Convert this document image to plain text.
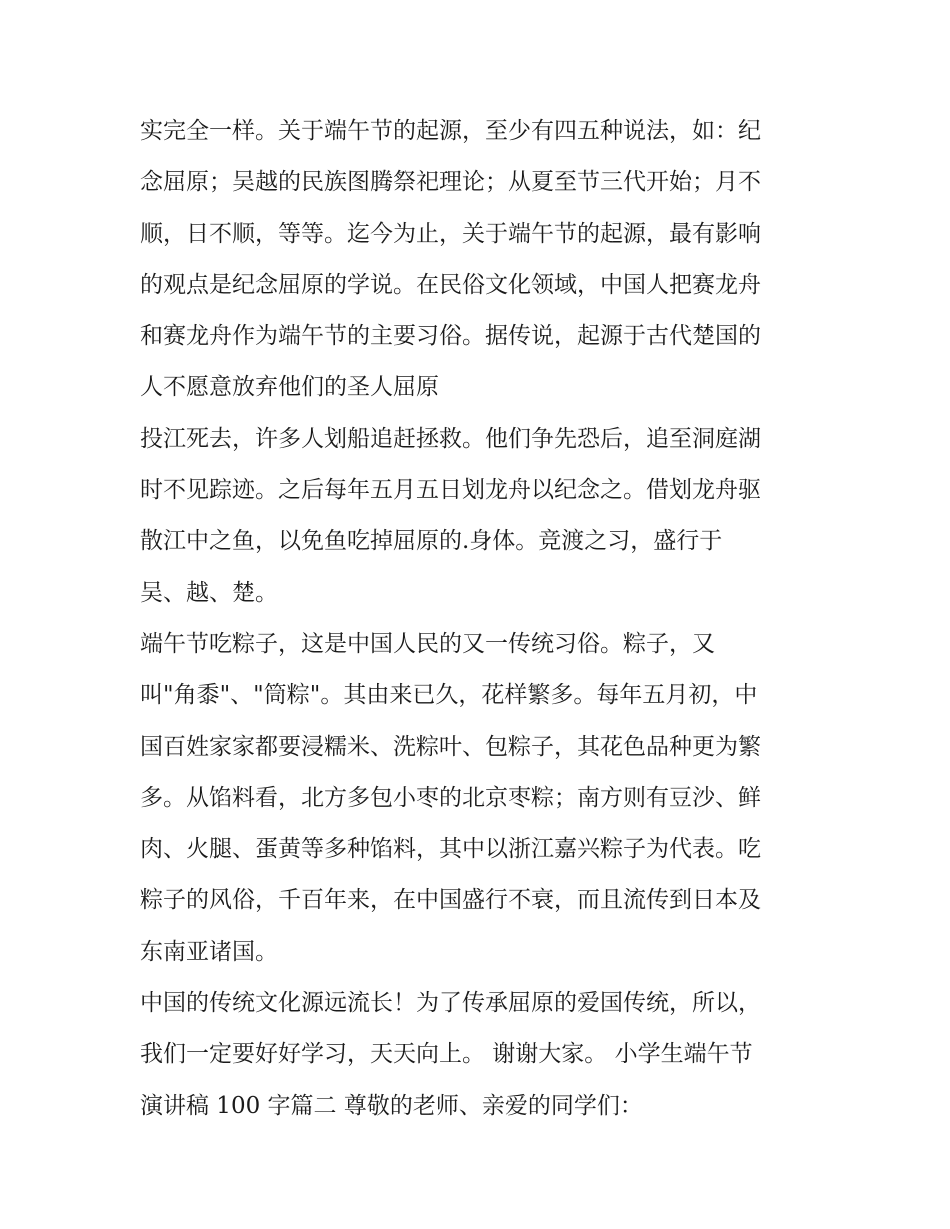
实完全一样。关于端午节的起源，至少有四五种说法，如：纪
念屈原；吴越的民族图腾祭祀理论；从夏至节三代开始；月不
顺，日不顺，等等。迄今为止，关于端午节的起源，最有影响
的观点是纪念屈原的学说。在民俗文化领域，中国人把赛龙舟
和赛龙舟作为端午节的主要习俗。据传说，起源于古代楚国的
人不愿意放弃他们的圣人屈原
投江死去，许多人划船追赶拯救。他们争先恐后，追至洞庭湖
时不见踪迹。之后每年五月五日划龙舟以纪念之。借划龙舟驱
散江中之鱼，以免鱼吃掉屈原的.身体。竞渡之习，盛行于
吴、越、楚。
端午节吃粽子，这是中国人民的又一传统习俗。粽子，又
叫"角黍"、"筒粽"。其由来已久，花样繁多。每年五月初，中
国百姓家家都要浸糯米、洗粽叶、包粽子，其花色品种更为繁
多。从馅料看，北方多包小枣的北京枣粽；南方则有豆沙、鲜
肉、火腿、蛋黄等多种馅料，其中以浙江嘉兴粽子为代表。吃
粽子的风俗，千百年来，在中国盛行不衰，而且流传到日本及
东南亚诸国。
中国的传统文化源远流长！为了传承屈原的爱国传统，所以，
我们一定要好好学习，天天向上。 谢谢大家。 小学生端午节
演讲稿 100 字篇二 尊敬的老师、亲爱的同学们：
